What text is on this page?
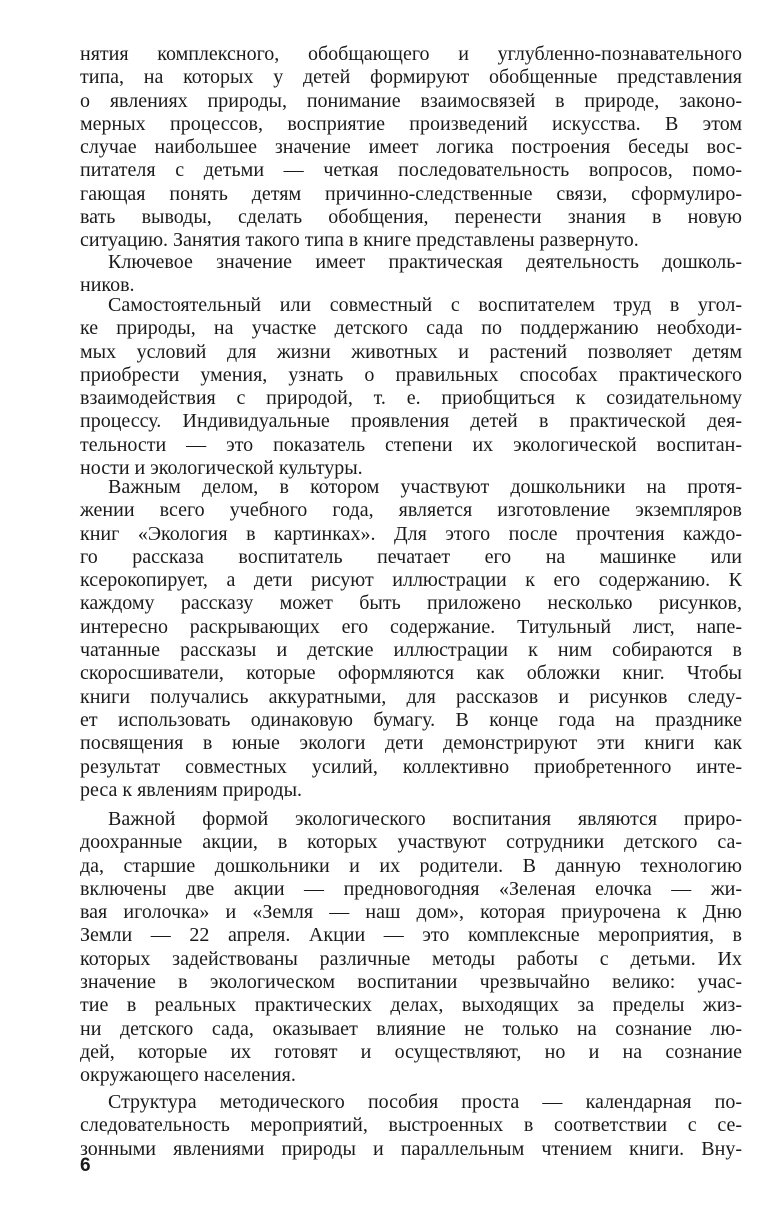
нятия комплексного, обобщающего и углубленно-познавательного
типа, на которых у детей формируют обобщенные представления
о явлениях природы, понимание взаимосвязей в природе, законо-
мерных процессов, восприятие произведений искусства. В этом
случае наибольшее значение имеет логика построения беседы вос-
питателя с детьми — четкая последовательность вопросов, помо-
гающая понять детям причинно-следственные связи, сформулиро-
вать выводы, сделать обобщения, перенести знания в новую
ситуацию. Занятия такого типа в книге представлены развернуто.
Ключевое значение имеет практическая деятельность дошколь-
ников.
Самостоятельный или совместный с воспитателем труд в угол-
ке природы, на участке детского сада по поддержанию необходи-
мых условий для жизни животных и растений позволяет детям
приобрести умения, узнать о правильных способах практического
взаимодействия с природой, т. е. приобщиться к созидательному
процессу. Индивидуальные проявления детей в практической дея-
тельности — это показатель степени их экологической воспитан-
ности и экологической культуры.
Важным делом, в котором участвуют дошкольники на протя-
жении всего учебного года, является изготовление экземпляров
книг «Экология в картинках». Для этого после прочтения каждо-
го рассказа воспитатель печатает его на машинке или
ксерокопирует, а дети рисуют иллюстрации к его содержанию. К
каждому рассказу может быть приложено несколько рисунков,
интересно раскрывающих его содержание. Титульный лист, напе-
чатанные рассказы и детские иллюстрации к ним собираются в
скоросшиватели, которые оформляются как обложки книг. Чтобы
книги получались аккуратными, для рассказов и рисунков следу-
ет использовать одинаковую бумагу. В конце года на празднике
посвящения в юные экологи дети демонстрируют эти книги как
результат совместных усилий, коллективно приобретенного инте-
реса к явлениям природы.
Важной формой экологического воспитания являются приро-
доохранные акции, в которых участвуют сотрудники детского са-
да, старшие дошкольники и их родители. В данную технологию
включены две акции — предновогодняя «Зеленая елочка — жи-
вая иголочка» и «Земля — наш дом», которая приурочена к Дню
Земли — 22 апреля. Акции — это комплексные мероприятия, в
которых задействованы различные методы работы с детьми. Их
значение в экологическом воспитании чрезвычайно велико: учас-
тие в реальных практических делах, выходящих за пределы жиз-
ни детского сада, оказывает влияние не только на сознание лю-
дей, которые их готовят и осуществляют, но и на сознание
окружающего населения.
Структура методического пособия проста — календарная по-
следовательность мероприятий, выстроенных в соответствии с се-
зонными явлениями природы и параллельным чтением книги. Вну-
6
